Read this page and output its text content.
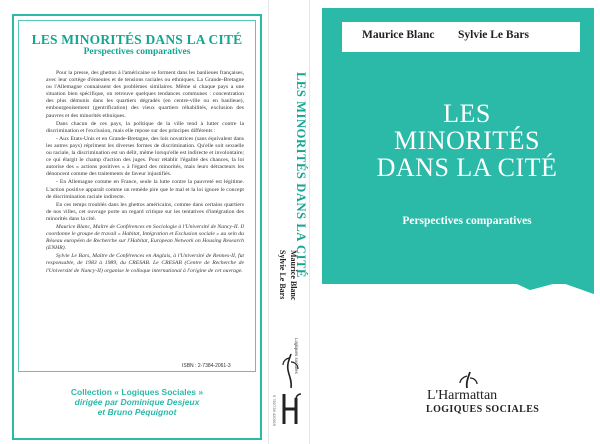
LES MINORITÉS DANS LA CITÉ
Perspectives comparatives

Pour la presse, des ghettos à l'américaine se forment dans les banlieues françaises, avec leur cortège d'émeutes et de tensions raciales ou ethniques. La Grande-Bretagne ou l'Allemagne connaissent des problèmes similaires. Même si chaque pays a une situation bien spécifique, on retrouve quelques tendances communes : concentration des plus démunis dans les quartiers dégradés (en centre-ville ou en banlieue), embourgeoisement (gentrification) des vieux quartiers réhabilités, exclusion des pauvres et des minorités ethniques.

Dans chacun de ces pays, la politique de la ville tend à lutter contre la discrimination et l'exclusion, mais elle repose sur des principes différents :

- Aux Etats-Unis et en Grande-Bretagne, des lois novatrices (sans équivalent dans les autres pays) répriment les diverses formes de discrimination. Qu'elle soit sexuelle ou raciale, la discrimination est un délit, même lorsqu'elle est indirecte et involontaire; ce qui élargit le champ d'action des juges. Pour rétablir l'égalité des chances, la loi autorise des « actions positives » à l'égard des minorités, mais leurs détracteurs les dénoncent comme des traitements de faveur injustifiés.

- En Allemagne comme en France, seule la lutte contre la pauvreté est légitime. L'action positive apparaît comme un remède pire que le mal et la loi ignore le concept de discrimination raciale indirecte.

En ces temps troublés dans les ghettos américains, comme dans certains quartiers de nos villes, cet ouvrage porte un regard critique sur les tentatives d'intégration des minorités dans la cité.

Maurice Blanc, Maître de Conférences en Sociologie à l'Université de Nancy-II. Il coordonne le groupe de travail « Habitat, Intégration et Exclusion sociale » au sein du Réseau européen de Recherche sur l'Habitat, European Network on Housing Research (ENHR).

Sylvie Le Bars, Maître de Conférences en Anglais, à l'Université de Rennes-II, fut responsable, de 1983 à 1989, du CRESAB. Le CRESAB (Centre de Recherche de l'Université de Nancy-II) organise le colloque international à l'origine de cet ouvrage.

ISBN : 2-7384-2061-3
Collection « Logiques Sociales »
dirigée par Dominique Desjeux
et Bruno Péquignot
LES MINORITÉS DANS LA CITÉ
Maurice Blanc
Sylvie Le Bars
Logiques sociales
9 782738 420619
Maurice Blanc Sylvie Le Bars
LES
MINORITÉS
DANS LA CITÉ
Perspectives comparatives
L'Harmattan
LOGIQUES SOCIALES
